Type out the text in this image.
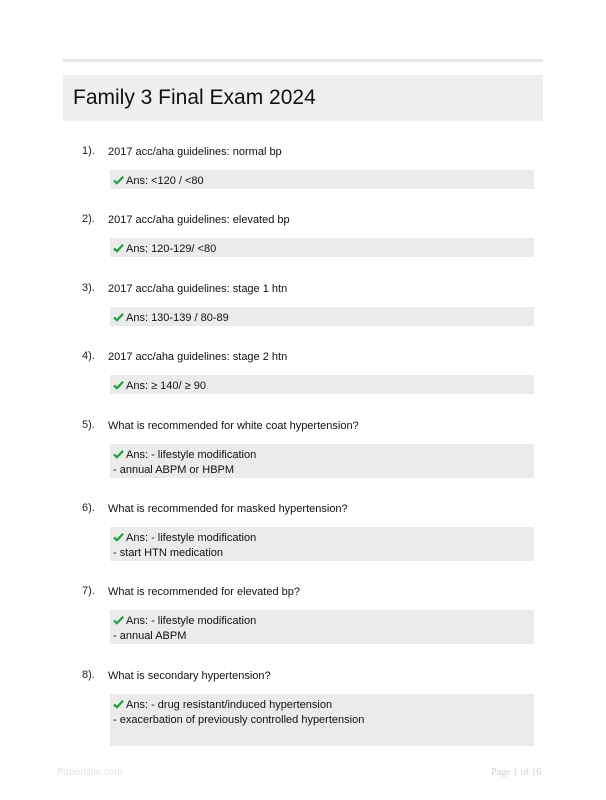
Family 3 Final Exam 2024
1). 2017 acc/aha guidelines: normal bp
Ans: <120 / <80
2). 2017 acc/aha guidelines: elevated bp
Ans: 120-129/ <80
3). 2017 acc/aha guidelines: stage 1 htn
Ans: 130-139 / 80-89
4). 2017 acc/aha guidelines: stage 2 htn
Ans: ≥ 140/ ≥ 90
5). What is recommended for white coat hypertension?
Ans: - lifestyle modification
- annual ABPM or HBPM
6). What is recommended for masked hypertension?
Ans: - lifestyle modification
- start HTN medication
7). What is recommended for elevated bp?
Ans: - lifestyle modification
- annual ABPM
8). What is secondary hypertension?
Ans: - drug resistant/induced hypertension
- exacerbation of previously controlled hypertension
Paperlibic.com	Page 1 of 16
